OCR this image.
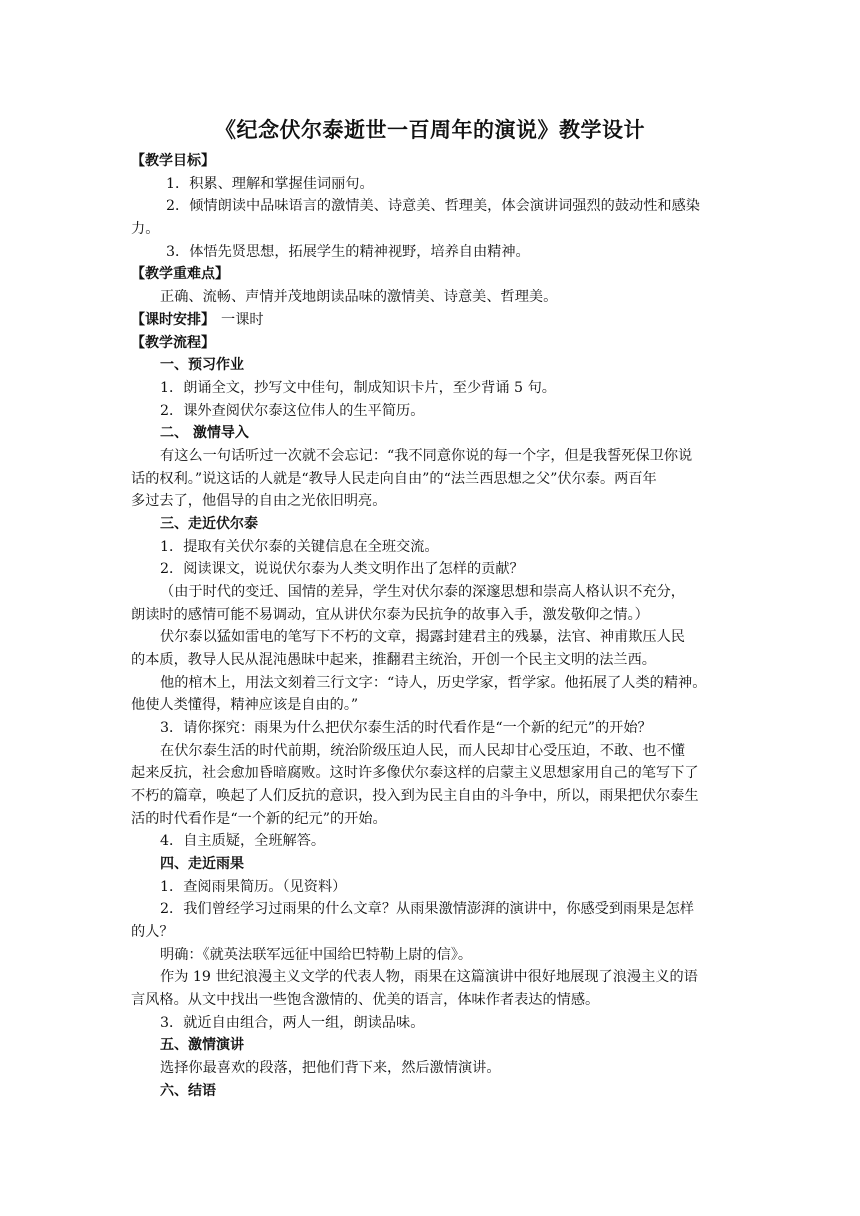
《纪念伏尔泰逝世一百周年的演说》教学设计
【教学目标】
1．积累、理解和掌握佳词丽句。
2．倾情朗读中品味语言的激情美、诗意美、哲理美，体会演讲词强烈的鼓动性和感染
力。
3．体悟先贤思想，拓展学生的精神视野，培养自由精神。
【教学重难点】
正确、流畅、声情并茂地朗读品味的激情美、诗意美、哲理美。
【课时安排】 一课时
【教学流程】
一、预习作业
1．朗诵全文，抄写文中佳句，制成知识卡片，至少背诵 5 句。
2．课外查阅伏尔泰这位伟人的生平简历。
二、 激情导入
有这么一句话听过一次就不会忘记：“我不同意你说的每一个字，但是我誓死保卫你说
话的权利。”说这话的人就是“教导人民走向自由”的“法兰西思想之父”伏尔泰。两百年
多过去了，他倡导的自由之光依旧明亮。
三、走近伏尔泰
1．提取有关伏尔泰的关键信息在全班交流。
2．阅读课文，说说伏尔泰为人类文明作出了怎样的贡献？
（由于时代的变迁、国情的差异，学生对伏尔泰的深邃思想和崇高人格认识不充分，
朗读时的感情可能不易调动，宜从讲伏尔泰为民抗争的故事入手，激发敬仰之情。）
伏尔泰以猛如雷电的笔写下不朽的文章，揭露封建君主的残暴，法官、神甫欺压人民
的本质，教导人民从混沌愚昧中起来，推翻君主统治，开创一个民主文明的法兰西。
他的棺木上，用法文刻着三行文字：“诗人，历史学家，哲学家。他拓展了人类的精神。
他使人类懂得，精神应该是自由的。”
3．请你探究：雨果为什么把伏尔泰生活的时代看作是“一个新的纪元”的开始？
在伏尔泰生活的时代前期，统治阶级压迫人民，而人民却甘心受压迫，不敢、也不懂
起来反抗，社会愈加昏暗腐败。这时许多像伏尔泰这样的启蒙主义思想家用自己的笔写下了
不朽的篇章，唤起了人们反抗的意识，投入到为民主自由的斗争中，所以，雨果把伏尔泰生
活的时代看作是“一个新的纪元”的开始。
4．自主质疑，全班解答。
四、走近雨果
1．查阅雨果简历。（见资料）
2．我们曾经学习过雨果的什么文章？从雨果激情澎湃的演讲中，你感受到雨果是怎样
的人？
明确：《就英法联军远征中国给巴特勒上尉的信》。
作为 19 世纪浪漫主义文学的代表人物，雨果在这篇演讲中很好地展现了浪漫主义的语
言风格。从文中找出一些饱含激情的、优美的语言，体味作者表达的情感。
3．就近自由组合，两人一组，朗读品味。
五、激情演讲
选择你最喜欢的段落，把他们背下来，然后激情演讲。
六、结语
